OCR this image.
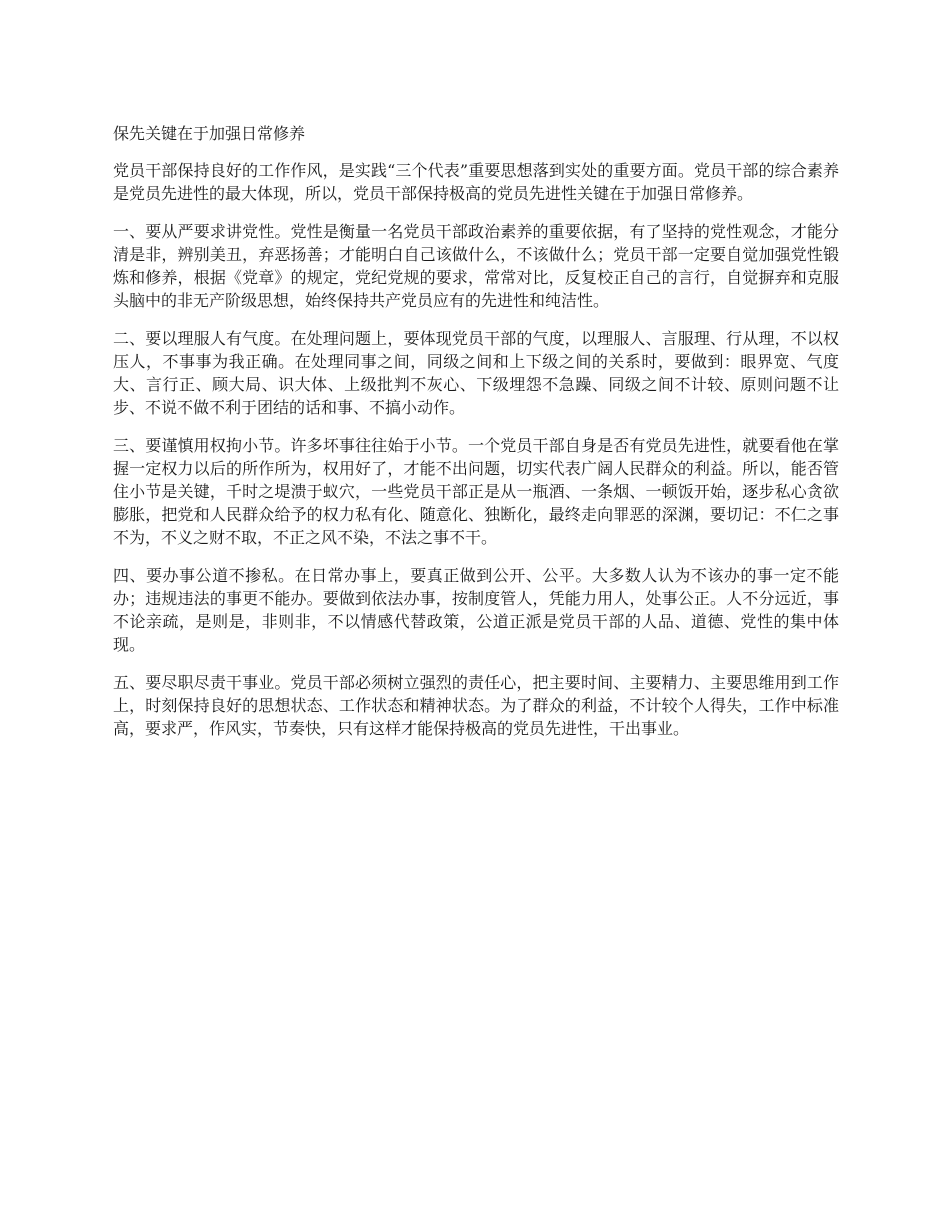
保先关键在于加强日常修养

党员干部保持良好的工作作风，是实践“三个代表”重要思想落到实处的重要方面。党员干部的综合素养是党员先进性的最大体现，所以，党员干部保持极高的党员先进性关键在于加强日常修养。

一、要从严要求讲党性。党性是衡量一名党员干部政治素养的重要依据，有了坚持的党性观念，才能分清是非，辨别美丑，弃恶扬善；才能明白自己该做什么，不该做什么；党员干部一定要自觉加强党性锻炼和修养，根据《党章》的规定，党纪党规的要求，常常对比，反复校正自己的言行，自觉摒弃和克服头脑中的非无产阶级思想，始终保持共产党员应有的先进性和纯洁性。

二、要以理服人有气度。在处理问题上，要体现党员干部的气度，以理服人、言服理、行从理，不以权压人，不事事为我正确。在处理同事之间，同级之间和上下级之间的关系时，要做到：眼界宽、气度大、言行正、顾大局、识大体、上级批判不灰心、下级埋怨不急躁、同级之间不计较、原则问题不让步、不说不做不利于团结的话和事、不搞小动作。

三、要谨慎用权拘小节。许多坏事往往始于小节。一个党员干部自身是否有党员先进性，就要看他在掌握一定权力以后的所作所为，权用好了，才能不出问题，切实代表广阔人民群众的利益。所以，能否管住小节是关键，千时之堤溃于蚁穴，一些党员干部正是从一瓶酒、一条烟、一顿饭开始，逐步私心贪欲膨胀，把党和人民群众给予的权力私有化、随意化、独断化，最终走向罪恶的深渊，要切记：不仁之事不为，不义之财不取，不正之风不染，不法之事不干。

四、要办事公道不掺私。在日常办事上，要真正做到公开、公平。大多数人认为不该办的事一定不能办；违规违法的事更不能办。要做到依法办事，按制度管人，凭能力用人，处事公正。人不分远近，事不论亲疏，是则是，非则非，不以情感代替政策，公道正派是党员干部的人品、道德、党性的集中体现。

五、要尽职尽责干事业。党员干部必须树立强烈的责任心，把主要时间、主要精力、主要思维用到工作上，时刻保持良好的思想状态、工作状态和精神状态。为了群众的利益，不计较个人得失，工作中标准高，要求严，作风实，节奏快，只有这样才能保持极高的党员先进性，干出事业。
